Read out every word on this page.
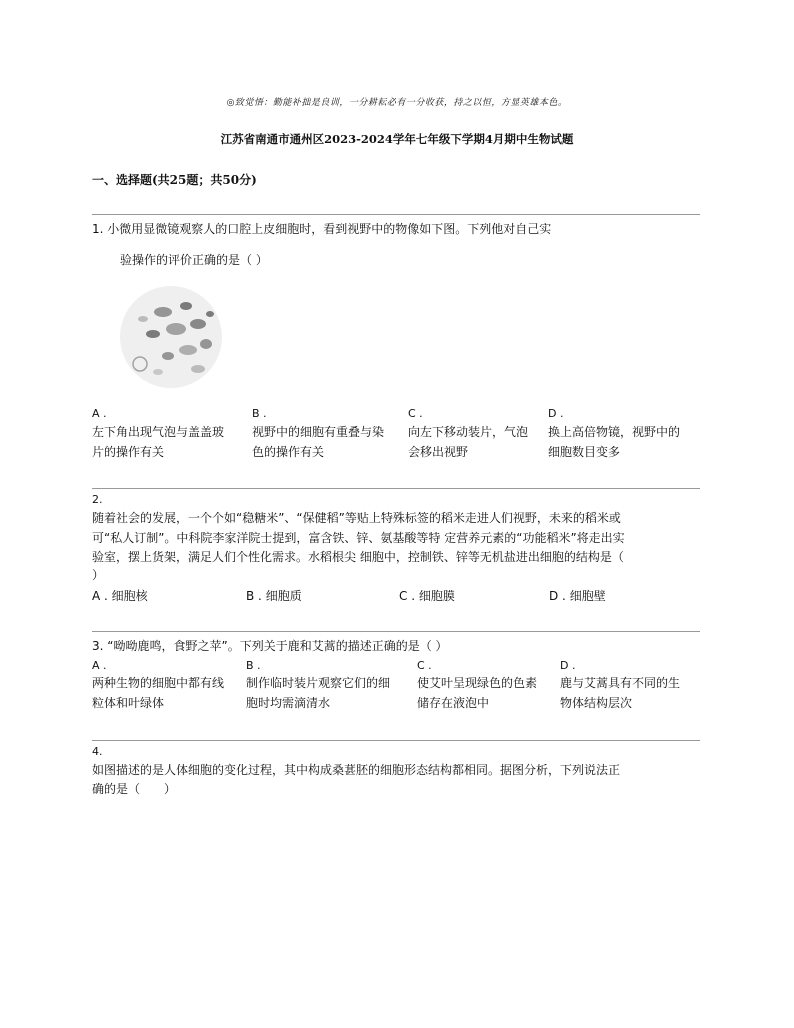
◎致觉悟：勤能补拙是良训，一分耕耘必有一分收获，持之以恒，方显英雄本色。
江苏省南通市通州区2023-2024学年七年级下学期4月期中生物试题
一、选择题(共25题；共50分)
1. 小微用显微镜观察人的口腔上皮细胞时，看到视野中的物像如下图。下列他对自己实
验操作的评价正确的是（ ）
A .
左下角出现气泡与盖盖玻
片的操作有关
B .
视野中的细胞有重叠与染
色的操作有关
C .
向左下移动装片，气泡
会移出视野
D .
换上高倍物镜，视野中的
细胞数目变多
2.
随着社会的发展，一个个如“稳糖米”、“保健稻”等贴上特殊标签的稻米走进人们视野，未来的稻米或
可“私人订制”。中科院李家洋院士提到，富含铁、锌、氨基酸等特 定营养元素的“功能稻米”将走出实
验室，摆上货架，满足人们个性化需求。水稻根尖 细胞中，控制铁、锌等无机盐进出细胞的结构是（
）
A . 细胞核	B . 细胞质	C . 细胞膜	D . 细胞壁
3. “呦呦鹿鸣，食野之苹”。下列关于鹿和艾蒿的描述正确的是（ ）
A .
两种生物的细胞中都有线
粒体和叶绿体
B .
制作临时装片观察它们的细
胞时均需滴清水
C .
使艾叶呈现绿色的色素
储存在液泡中
D .
鹿与艾蒿具有不同的生
物体结构层次
4.
如图描述的是人体细胞的变化过程，其中构成桑葚胚的细胞形态结构都相同。据图分析，下列说法正
确的是（　　）
